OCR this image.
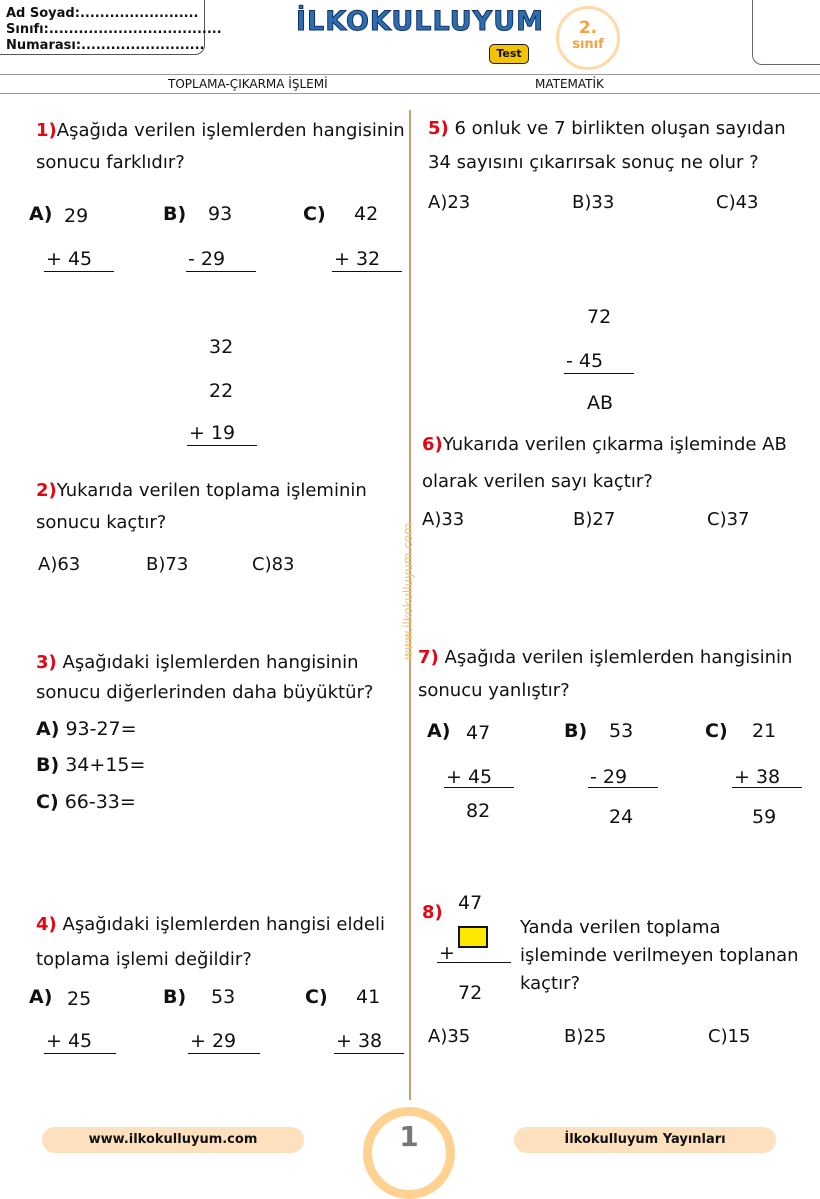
Ad Soyad:........................
Sınıfı:...................................
Numarası:.........................
İLKOKULLUYUM
Test
2.
sınıf
TOPLAMA-ÇIKARMA İŞLEMİ	MATEMATİK
www.ilkokulluyum.com
1)Aşağıda verilen işlemlerden hangisinin
sonucu farklıdır?
A) 29
+ 45
B) 93
- 29
C) 42
+ 32
32
22
+ 19
2)Yukarıda verilen toplama işleminin
sonucu kaçtır?
A)63	B)73	C)83
3) Aşağıdaki işlemlerden hangisinin
sonucu diğerlerinden daha büyüktür?
A) 93-27=
B) 34+15=
C) 66-33=
4) Aşağıdaki işlemlerden hangisi eldeli
toplama işlemi değildir?
A) 25
+ 45
B) 53
+ 29
C) 41
+ 38
5) 6 onluk ve 7 birlikten oluşan sayıdan
34 sayısını çıkarırsak sonuç ne olur ?
A)23	B)33	C)43
72
- 45
AB
6)Yukarıda verilen çıkarma işleminde AB
olarak verilen sayı kaçtır?
A)33	B)27	C)37
7) Aşağıda verilen işlemlerden hangisinin
sonucu yanlıştır?
A) 47
+ 45
82
B) 53
- 29
24
C) 21
+ 38
59
8) 47
+
72
Yanda verilen toplama
işleminde verilmeyen toplanan
kaçtır?
A)35	B)25	C)15
www.ilkokulluyum.com	1	İlkokulluyum Yayınları
